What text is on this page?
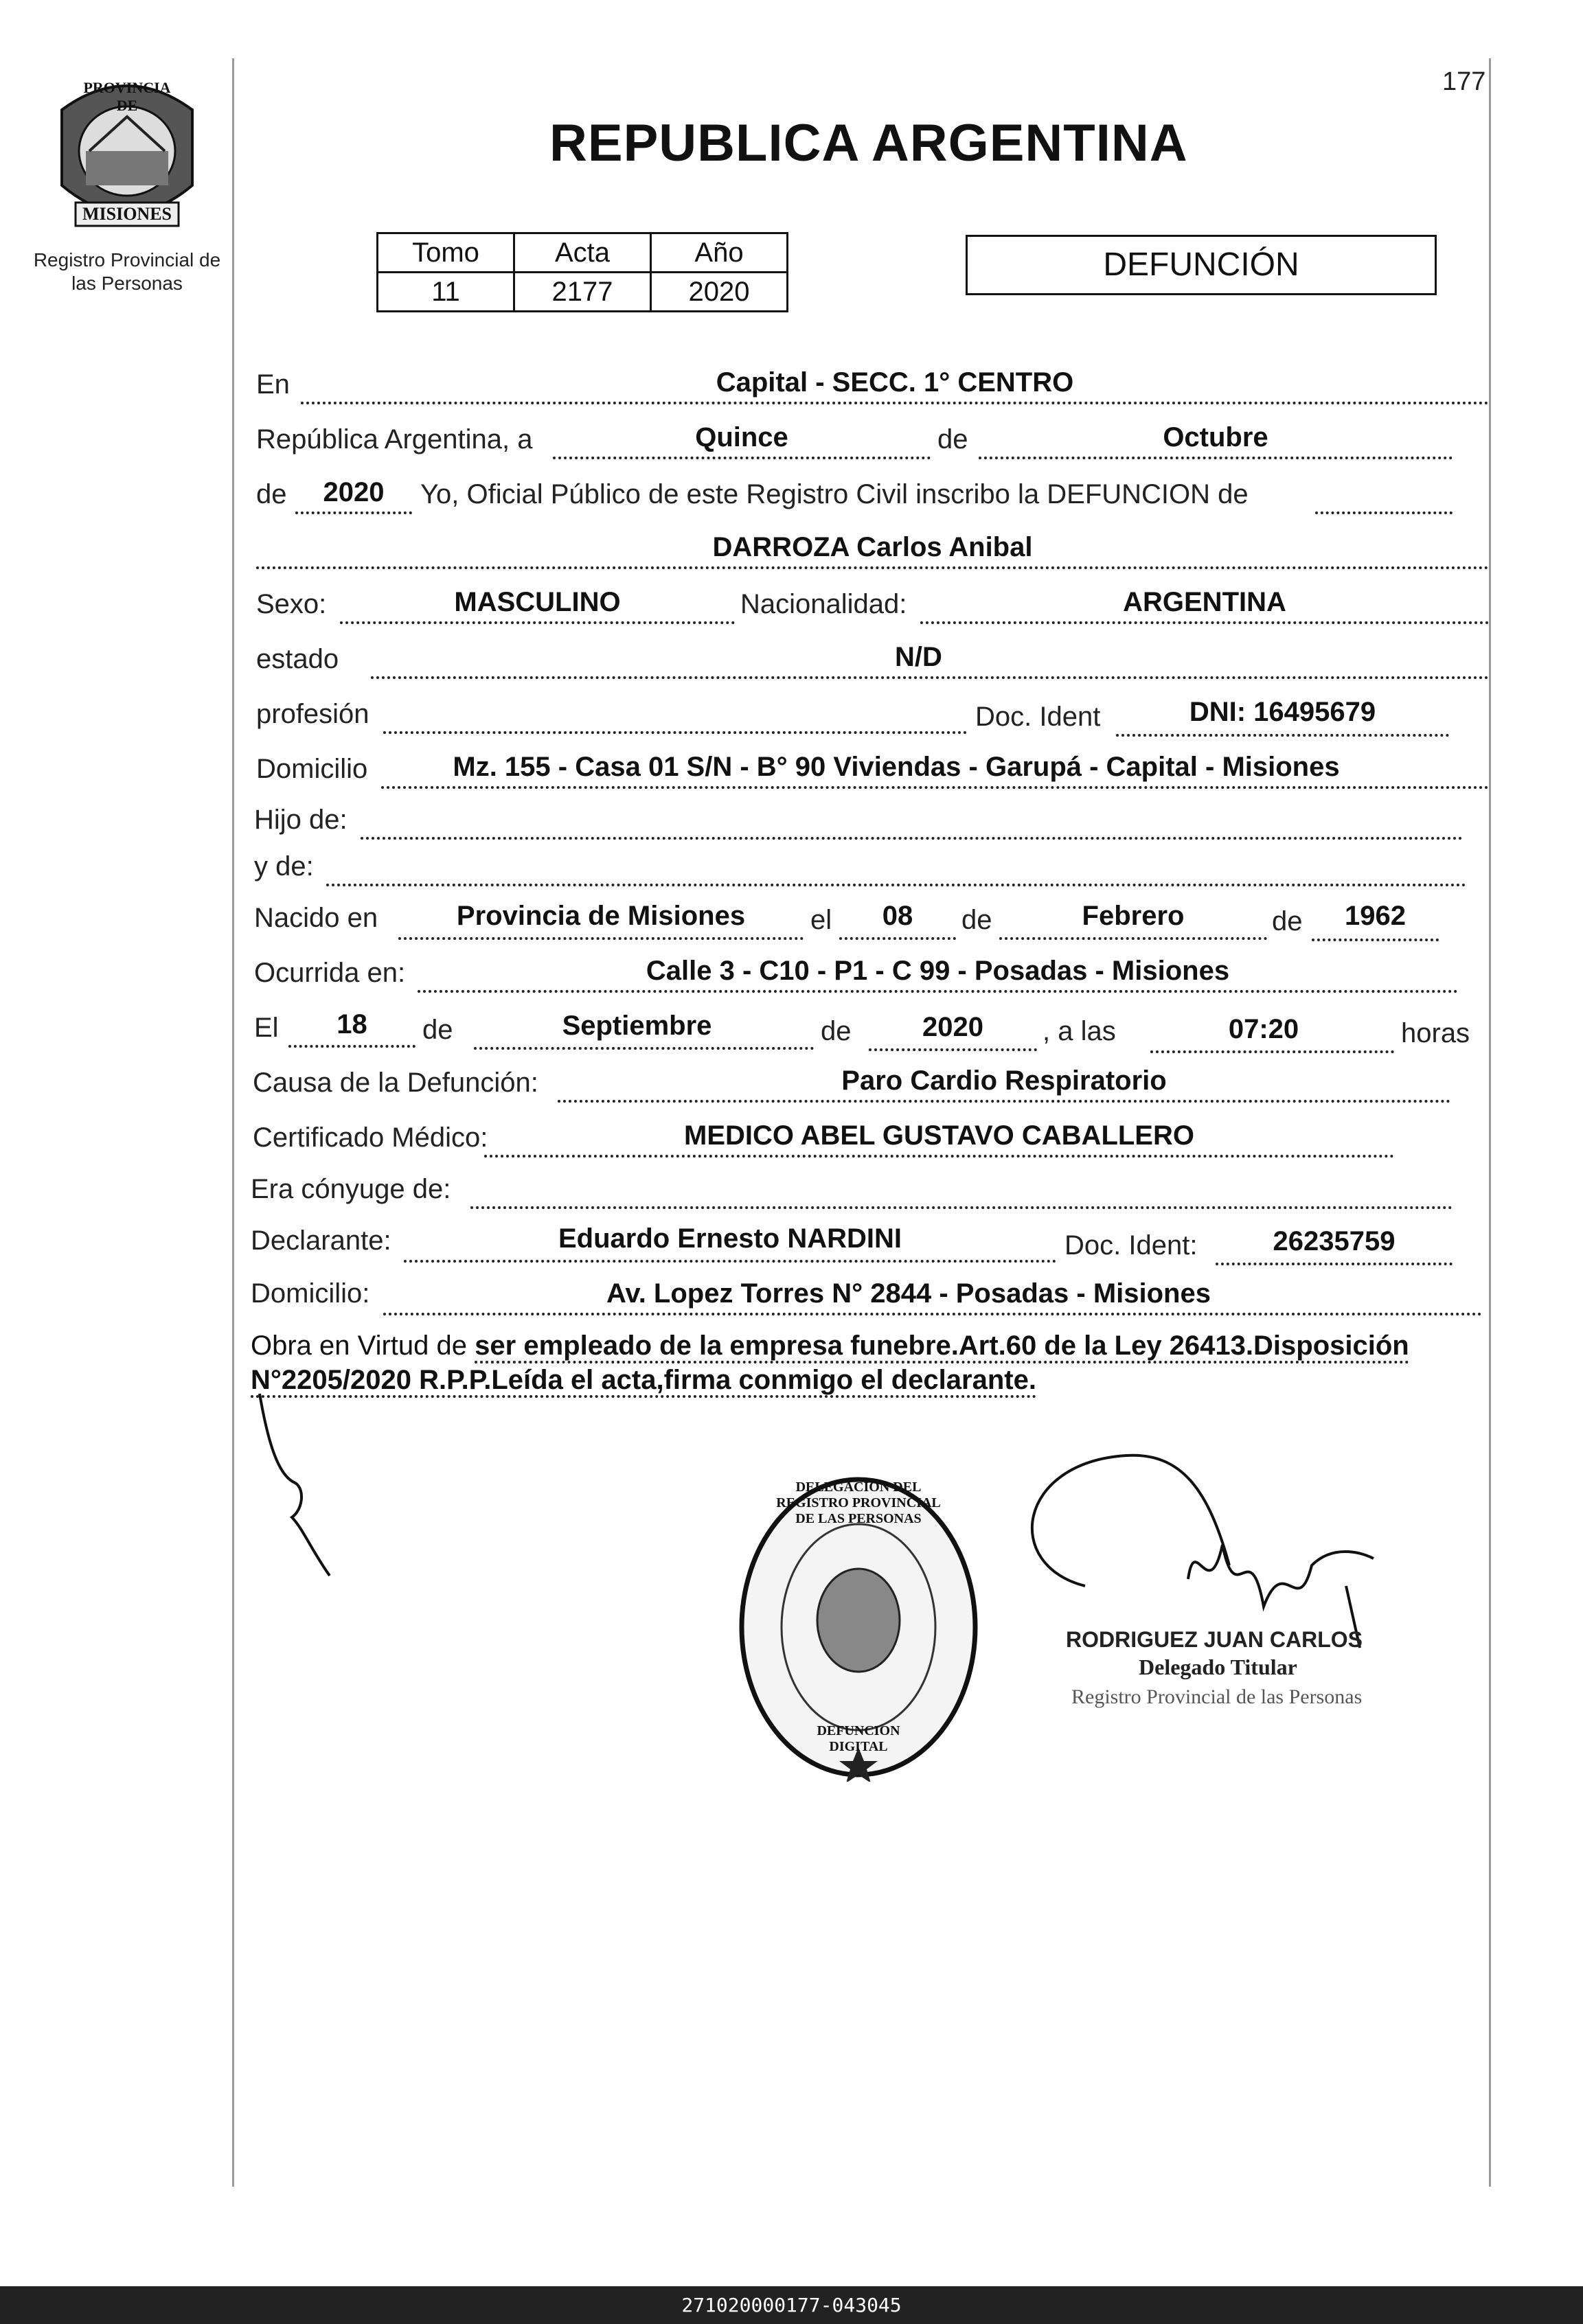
PROVINCIA DE
MISIONES
Registro Provincial de
las Personas
177
REPUBLICA ARGENTINA
Tomo	Acta	Año
11	2177	2020
DEFUNCIÓN
En	Capital - SECC. 1° CENTRO
República Argentina, a	Quince	de	Octubre
de	2020	Yo, Oficial Público de este Registro Civil inscribo la DEFUNCION de
DARROZA Carlos Anibal
Sexo:	MASCULINO	Nacionalidad:	ARGENTINA
estado	N/D
profesión	Doc. Ident	DNI: 16495679
Domicilio	Mz. 155 - Casa 01 S/N - B° 90 Viviendas - Garupá - Capital - Misiones
Hijo de:
y de:
Nacido en	Provincia de Misiones	el	08	de	Febrero	de	1962
Ocurrida en:	Calle 3 - C10 - P1 - C 99 - Posadas - Misiones
El	18	de	Septiembre	de	2020	, a las	07:20	horas
Causa de la Defunción:	Paro Cardio Respiratorio
Certificado Médico:	MEDICO ABEL GUSTAVO CABALLERO
Era cónyuge de:
Declarante:	Eduardo Ernesto NARDINI	Doc. Ident:	26235759
Domicilio:	Av. Lopez Torres N° 2844 - Posadas - Misiones
Obra en Virtud de ser empleado de la empresa funebre.Art.60 de la Ley 26413.Disposición
N°2205/2020 R.P.P.Leída el acta,firma conmigo el declarante.
DELEGACION DEL REGISTRO PROVINCIAL DE LAS PERSONAS
DEFUNCION DIGITAL
RODRIGUEZ JUAN CARLOS
Delegado Titular
Registro Provincial de las Personas
271020000177-043045
